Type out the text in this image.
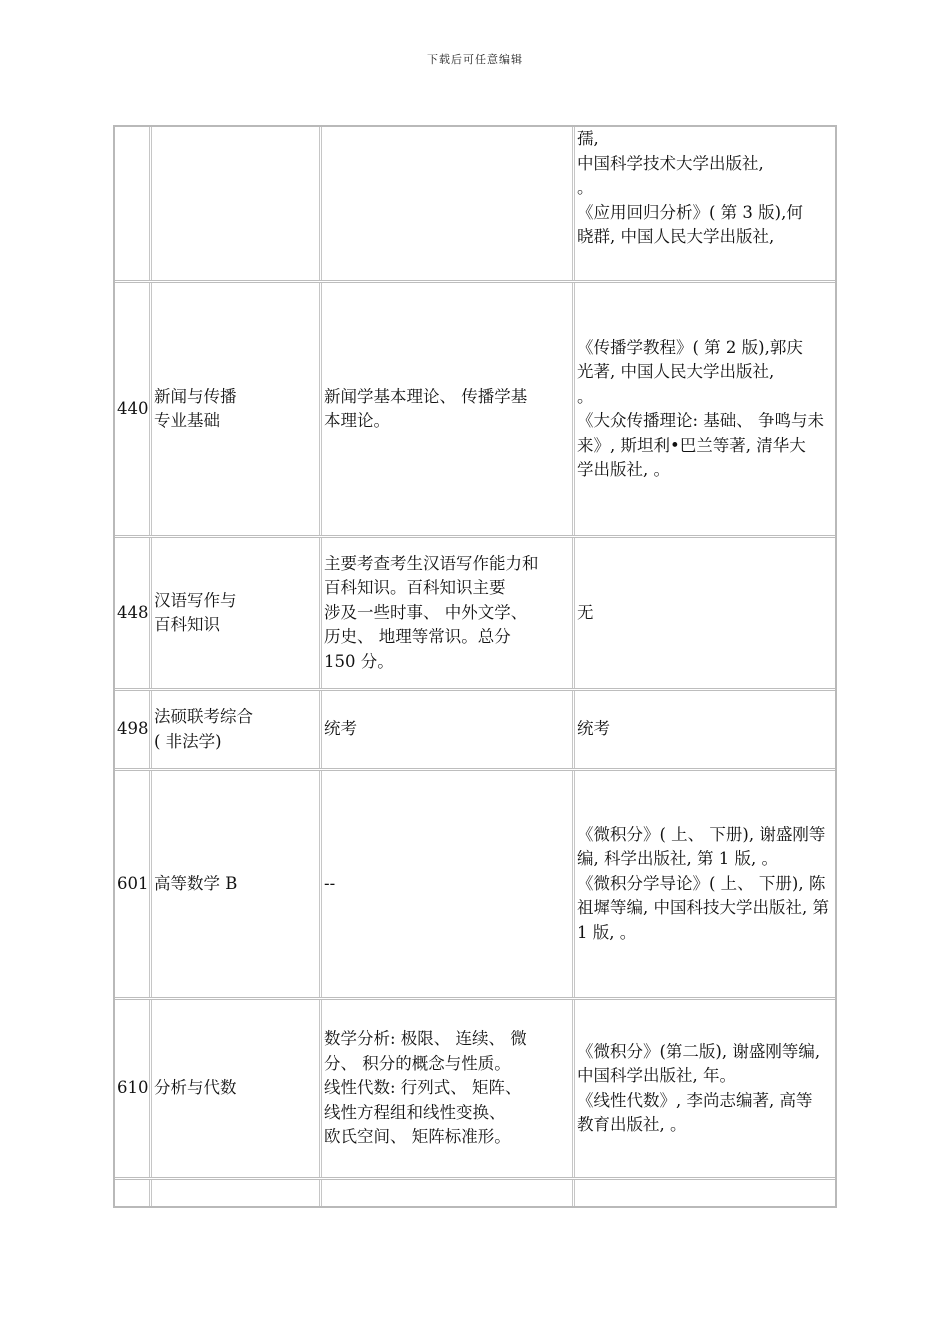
下载后可任意编辑
孺,
中国科学技术大学出版社,
。
《应用回归分析》( 第 3 版),何
晓群, 中国人民大学出版社,
440
新闻与传播
专业基础
新闻学基本理论、 传播学基
本理论。
《传播学教程》( 第 2 版),郭庆
光著, 中国人民大学出版社,
。
《大众传播理论: 基础、 争鸣与未
来》, 斯坦利•巴兰等著, 清华大
学出版社, 。
448
汉语写作与
百科知识
主要考查考生汉语写作能力和
百科知识。百科知识主要
涉及一些时事、 中外文学、
历史、 地理等常识。总分
150 分。
无
498
法硕联考综合
( 非法学)
统考	统考
601 高等数学 B	--
《微积分》( 上、 下册), 谢盛刚等
编, 科学出版社, 第 1 版, 。
《微积分学导论》( 上、 下册), 陈
祖墀等编, 中国科技大学出版社, 第
1 版, 。
610 分析与代数
数学分析: 极限、 连续、 微
分、 积分的概念与性质。
线性代数: 行列式、 矩阵、
线性方程组和线性变换、
欧氏空间、 矩阵标准形。
《微积分》(第二版), 谢盛刚等编,
中国科学出版社, 年。
《线性代数》, 李尚志编著, 高等
教育出版社, 。
